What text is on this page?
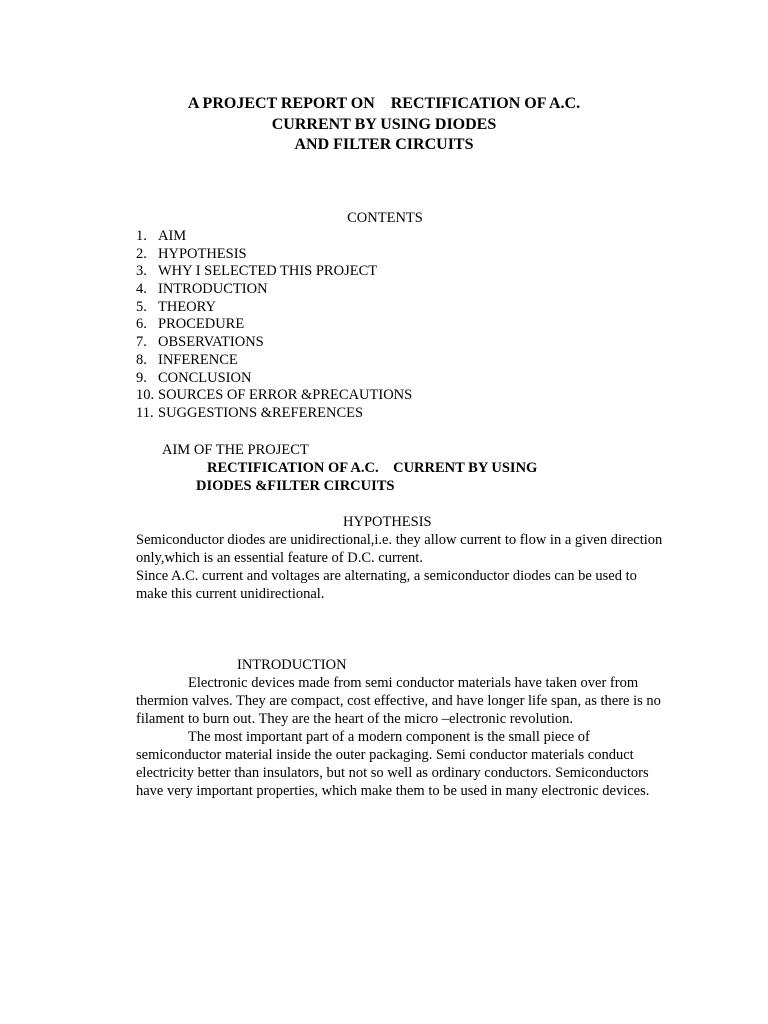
A PROJECT REPORT ON    RECTIFICATION OF A.C.
CURRENT BY USING DIODES
AND FILTER CIRCUITS
CONTENTS
1. AIM
2. HYPOTHESIS
3. WHY I SELECTED THIS PROJECT
4. INTRODUCTION
5. THEORY
6. PROCEDURE
7. OBSERVATIONS
8. INFERENCE
9. CONCLUSION
10. SOURCES OF ERROR &PRECAUTIONS
11. SUGGESTIONS &REFERENCES
AIM OF THE PROJECT
RECTIFICATION OF A.C.    CURRENT BY USING
DIODES &FILTER CIRCUITS
HYPOTHESIS

Semiconductor diodes are unidirectional,i.e. they allow current to flow in a given direction only,which is an essential feature of D.C. current.

Since A.C. current and voltages are alternating, a semiconductor diodes can be used to make this current unidirectional.

INTRODUCTION

Electronic devices made from semi conductor materials have taken over from thermion valves. They are compact, cost effective, and have longer life span, as there is no filament to burn out. They are the heart of the micro –electronic revolution.

The most important part of a modern component is the small piece of semiconductor material inside the outer packaging. Semi conductor materials conduct electricity better than insulators, but not so well as ordinary conductors. Semiconductors have very important properties, which make them to be used in many electronic devices.
